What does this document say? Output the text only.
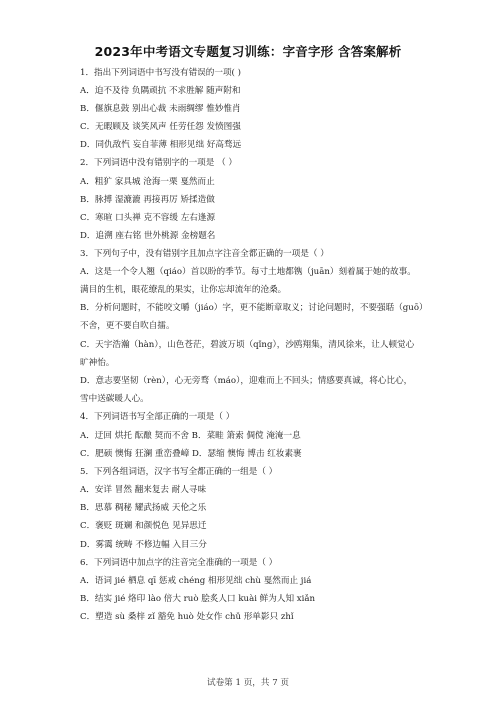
2023年中考语文专题复习训练：字音字形 含答案解析
1．指出下列词语中书写没有错误的一项( )
A．迫不及待 负隅顽抗 不求胜解 随声附和
B．偃旗息鼓 别出心裁 未雨绸缪 惟妙惟肖
C．无暇顾及 谈笑风声 任劳任怨 发愤图强
D．同仇敌忾 妄自菲薄 相形见绌 好高骛远
2．下列词语中没有错别字的一项是 （ ）
A．粗犷 家具城 沧海一栗 戛然而止
B．脉搏 湿漉漉 再接再厉 矫揉造做
C．寒暄 口头禅 克不容缓 左右逢源
D．追溯 座右铭 世外桃源 金榜题名
3．下列句子中，没有错别字且加点字注音全都正确的一项是（ ）
A．这是一个令人翘（qiáo）首以盼的季节。每寸土地都镌（juān）刻着属于她的故事。
满目的生机，眼花缭乱的果实，让你忘却流年的沧桑。
B．分析问题时，不能咬文嚼（jiáo）字，更不能断章取义；讨论问题时，不要强聒（guō）
不舍，更不要自吹自擂。
C．天宇浩瀚（hàn），山色苍茫，碧波万顷（qǐng），沙鸥翔集，清风徐来，让人顿觉心
旷神怡。
D．意志要坚韧（rèn），心无旁骛（máo），迎难而上不回头；情感要真诚，将心比心，
雪中送碳暖人心。
4．下列词语书写全部正确的一项是（ ）
A．迂回 烘托 酝酿 契而不舍 B．菜畦 箫索 倜傥 淹淹一息
C．肥硕 懊悔 狂澜 重峦叠嶂 D．瑟缩 懊悔 博击 红妆素裹
5．下列各组词语，汉字书写全都正确的一组是（ ）
A．安详 冒然 翻来复去 耐人寻味
B．思慕 稠秘 耀武扬威 天伦之乐
C．褒贬 斑斓 和颜悦色 见异思迁
D．雾霭 统畴 不修边幅 入目三分
6．下列词语中加点字的注音完全准确的一项是（ ）
A．语词 jié 栖息 qī 惩戒 chéng 相形见绌 chù 戛然而止 jiá
B．结实 jié 烙印 lào 倍大 ruò 脍炙人口 kuài 鲜为人知 xiǎn
C．塑造 sù 桑梓 zǐ 豁免 huò 处女作 chǔ 形单影只 zhǐ
试卷第 1 页，共 7 页
